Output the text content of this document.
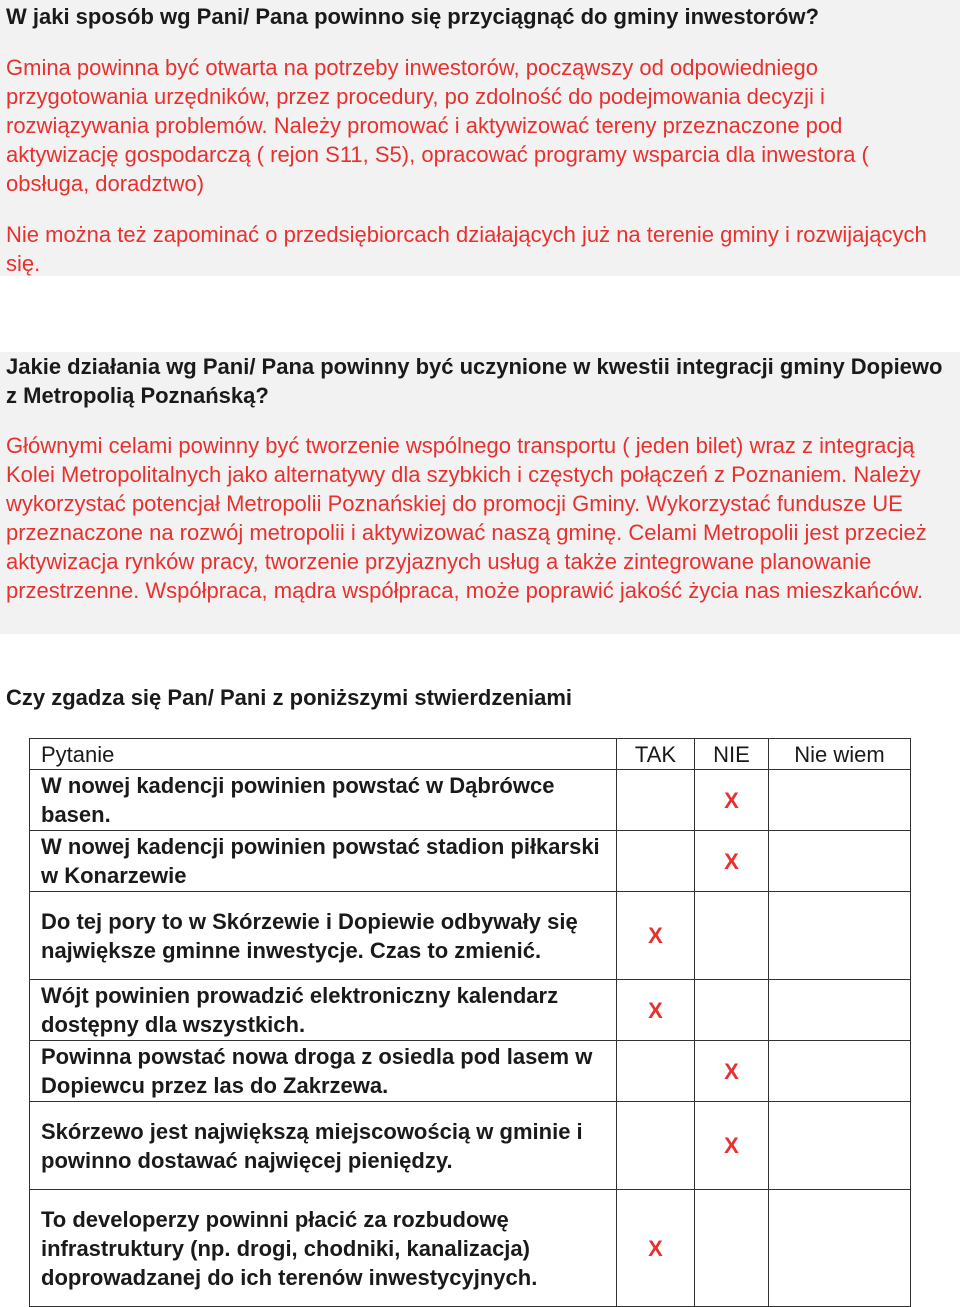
W jaki sposób wg Pani/ Pana powinno się przyciągnąć do gminy inwestorów?

Gmina powinna być otwarta na potrzeby inwestorów, począwszy od odpowiedniego przygotowania urzędników, przez procedury, po zdolność do podejmowania decyzji i rozwiązywania problemów. Należy promować i aktywizować tereny przeznaczone pod aktywizację gospodarczą ( rejon S11, S5), opracować programy wsparcia dla inwestora ( obsługa, doradztwo)

Nie można też zapominać o przedsiębiorcach działających już na terenie gminy i rozwijających się.

Jakie działania wg Pani/ Pana powinny być uczynione w kwestii integracji gminy Dopiewo z Metropolią Poznańską?

Głównymi celami powinny być tworzenie wspólnego transportu ( jeden bilet) wraz z integracją Kolei Metropolitalnych jako alternatywy dla szybkich i częstych połączeń z Poznaniem. Należy wykorzystać potencjał Metropolii Poznańskiej do promocji Gminy. Wykorzystać fundusze UE przeznaczone na rozwój metropolii i aktywizować naszą gminę. Celami Metropolii jest przecież aktywizacja rynków pracy, tworzenie przyjaznych usług a także zintegrowane planowanie przestrzenne. Współpraca, mądra współpraca, może poprawić jakość życia nas mieszkańców.

Czy zgadza się Pan/ Pani z poniższymi stwierdzeniami
Pytanie	TAK	NIE	Nie wiem
W nowej kadencji powinien powstać w Dąbrówce basen.		X	
W nowej kadencji powinien powstać stadion piłkarski w Konarzewie		X	
Do tej pory to w Skórzewie i Dopiewie odbywały się największe gminne inwestycje. Czas to zmienić.	X		
Wójt powinien prowadzić elektroniczny kalendarz dostępny dla wszystkich.	X		
Powinna powstać nowa droga z osiedla pod lasem w Dopiewcu przez las do Zakrzewa.		X	
Skórzewo jest największą miejscowością w gminie i powinno dostawać najwięcej pieniędzy.		X	
To developerzy powinni płacić za rozbudowę infrastruktury (np. drogi, chodniki, kanalizacja) doprowadzanej do ich terenów inwestycyjnych.	X		
